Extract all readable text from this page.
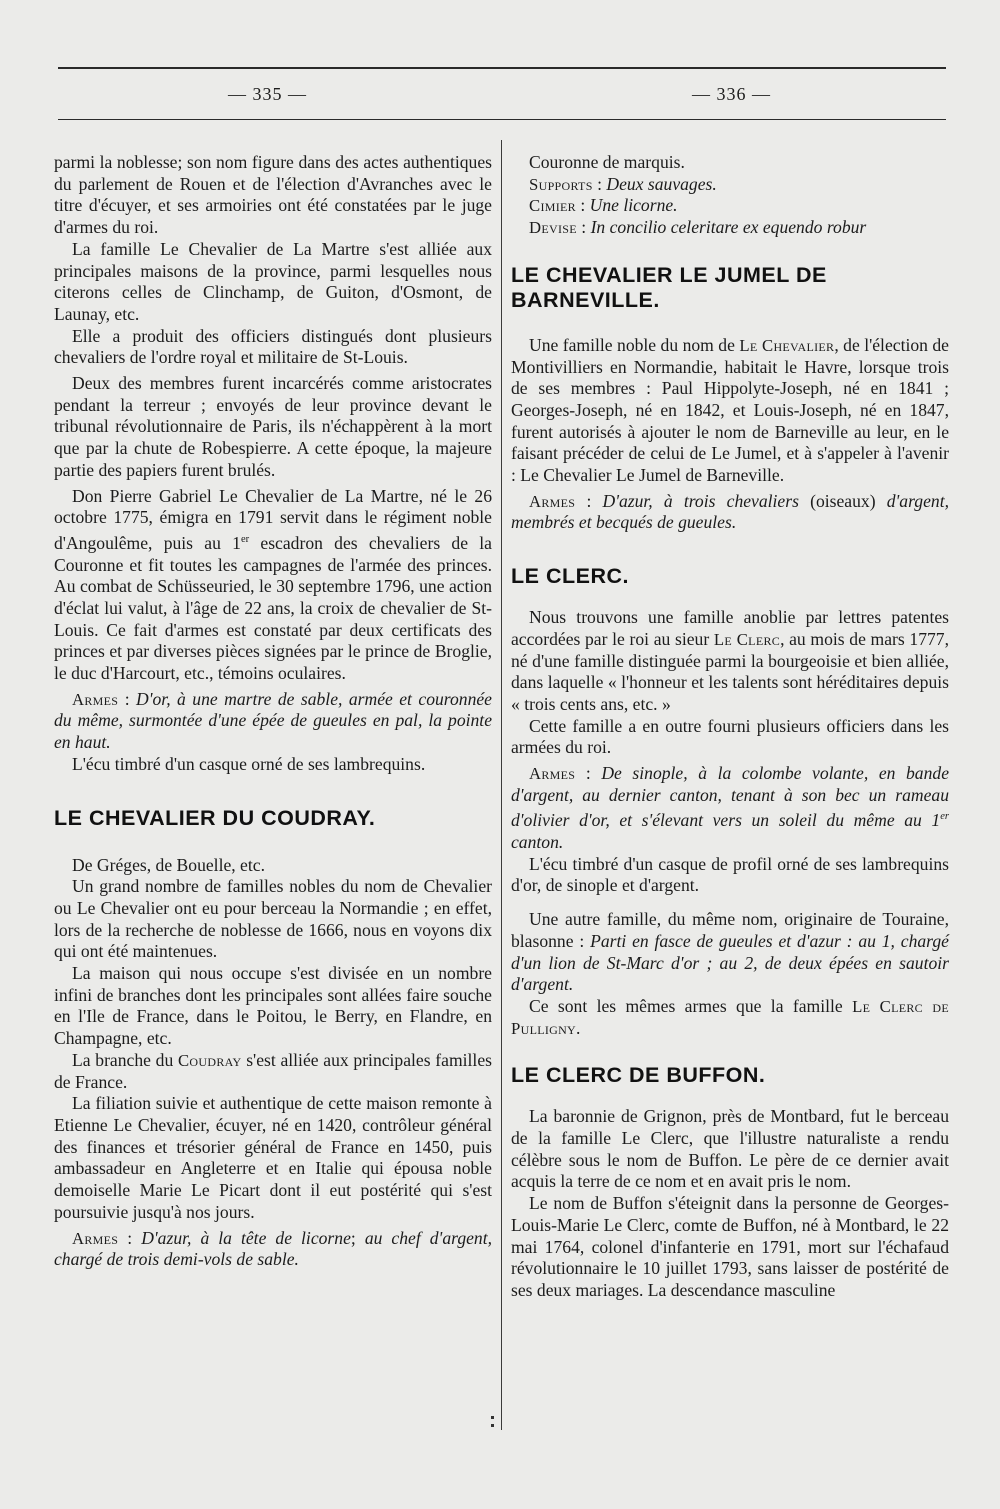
— 335 —	— 336 —

parmi la noblesse; son nom figure dans des actes authentiques du parlement de Rouen et de l'élection d'Avranches avec le titre d'écuyer, et ses armoiries ont été constatées par le juge d'armes du roi.

La famille Le Chevalier de La Martre s'est alliée aux principales maisons de la province, parmi lesquelles nous citerons celles de Clinchamp, de Guiton, d'Osmont, de Launay, etc.

Elle a produit des officiers distingués dont plusieurs chevaliers de l'ordre royal et militaire de St-Louis.

Deux des membres furent incarcérés comme aristocrates pendant la terreur ; envoyés de leur province devant le tribunal révolutionnaire de Paris, ils n'échappèrent à la mort que par la chute de Robespierre. A cette époque, la majeure partie des papiers furent brulés.

Don Pierre Gabriel Le Chevalier de La Martre, né le 26 octobre 1775, émigra en 1791 servit dans le régiment noble d'Angoulême, puis au 1er escadron des chevaliers de la Couronne et fit toutes les campagnes de l'armée des princes. Au combat de Schüsseuried, le 30 septembre 1796, une action d'éclat lui valut, à l'âge de 22 ans, la croix de chevalier de St-Louis. Ce fait d'armes est constaté par deux certificats des princes et par diverses pièces signées par le prince de Broglie, le duc d'Harcourt, etc., témoins oculaires.

Armes : D'or, à une martre de sable, armée et couronnée du même, surmontée d'une épée de gueules en pal, la pointe en haut.

L'écu timbré d'un casque orné de ses lambrequins.

LE CHEVALIER DU COUDRAY.

De Gréges, de Bouelle, etc.

Un grand nombre de familles nobles du nom de Chevalier ou Le Chevalier ont eu pour berceau la Normandie ; en effet, lors de la recherche de noblesse de 1666, nous en voyons dix qui ont été maintenues.

La maison qui nous occupe s'est divisée en un nombre infini de branches dont les principales sont allées faire souche en l'Ile de France, dans le Poitou, le Berry, en Flandre, en Champagne, etc.

La branche du Coudray s'est alliée aux principales familles de France.

La filiation suivie et authentique de cette maison remonte à Etienne Le Chevalier, écuyer, né en 1420, contrôleur général des finances et trésorier général de France en 1450, puis ambassadeur en Angleterre et en Italie qui épousa noble demoiselle Marie Le Picart dont il eut postérité qui s'est poursuivie jusqu'à nos jours.

Armes : D'azur, à la tête de licorne; au chef d'argent, chargé de trois demi-vols de sable.

Couronne de marquis.

Supports : Deux sauvages.

Cimier : Une licorne.

Devise : In concilio celeritare ex equendo robur

LE CHEVALIER LE JUMEL DE BARNEVILLE.

Une famille noble du nom de Le Chevalier, de l'élection de Montivilliers en Normandie, habitait le Havre, lorsque trois de ses membres : Paul Hippolyte-Joseph, né en 1841 ; Georges-Joseph, né en 1842, et Louis-Joseph, né en 1847, furent autorisés à ajouter le nom de Barneville au leur, en le faisant précéder de celui de Le Jumel, et à s'appeler à l'avenir : Le Chevalier Le Jumel de Barneville.

Armes : D'azur, à trois chevaliers (oiseaux) d'argent, membrés et becqués de gueules.

LE CLERC.

Nous trouvons une famille anoblie par lettres patentes accordées par le roi au sieur Le Clerc, au mois de mars 1777, né d'une famille distinguée parmi la bourgeoisie et bien alliée, dans laquelle « l'honneur et les talents sont héréditaires depuis « trois cents ans, etc. »

Cette famille a en outre fourni plusieurs officiers dans les armées du roi.

Armes : De sinople, à la colombe volante, en bande d'argent, au dernier canton, tenant à son bec un rameau d'olivier d'or, et s'élevant vers un soleil du même au 1er canton.

L'écu timbré d'un casque de profil orné de ses lambrequins d'or, de sinople et d'argent.

Une autre famille, du même nom, originaire de Touraine, blasonne : Parti en fasce de gueules et d'azur : au 1, chargé d'un lion de St-Marc d'or ; au 2, de deux épées en sautoir d'argent.

Ce sont les mêmes armes que la famille Le Clerc de Pulligny.

LE CLERC DE BUFFON.

La baronnie de Grignon, près de Montbard, fut le berceau de la famille Le Clerc, que l'illustre naturaliste a rendu célèbre sous le nom de Buffon. Le père de ce dernier avait acquis la terre de ce nom et en avait pris le nom.

Le nom de Buffon s'éteignit dans la personne de Georges-Louis-Marie Le Clerc, comte de Buffon, né à Montbard, le 22 mai 1764, colonel d'infanterie en 1791, mort sur l'échafaud révolutionnaire le 10 juillet 1793, sans laisser de postérité de ses deux mariages. La descendance masculine
